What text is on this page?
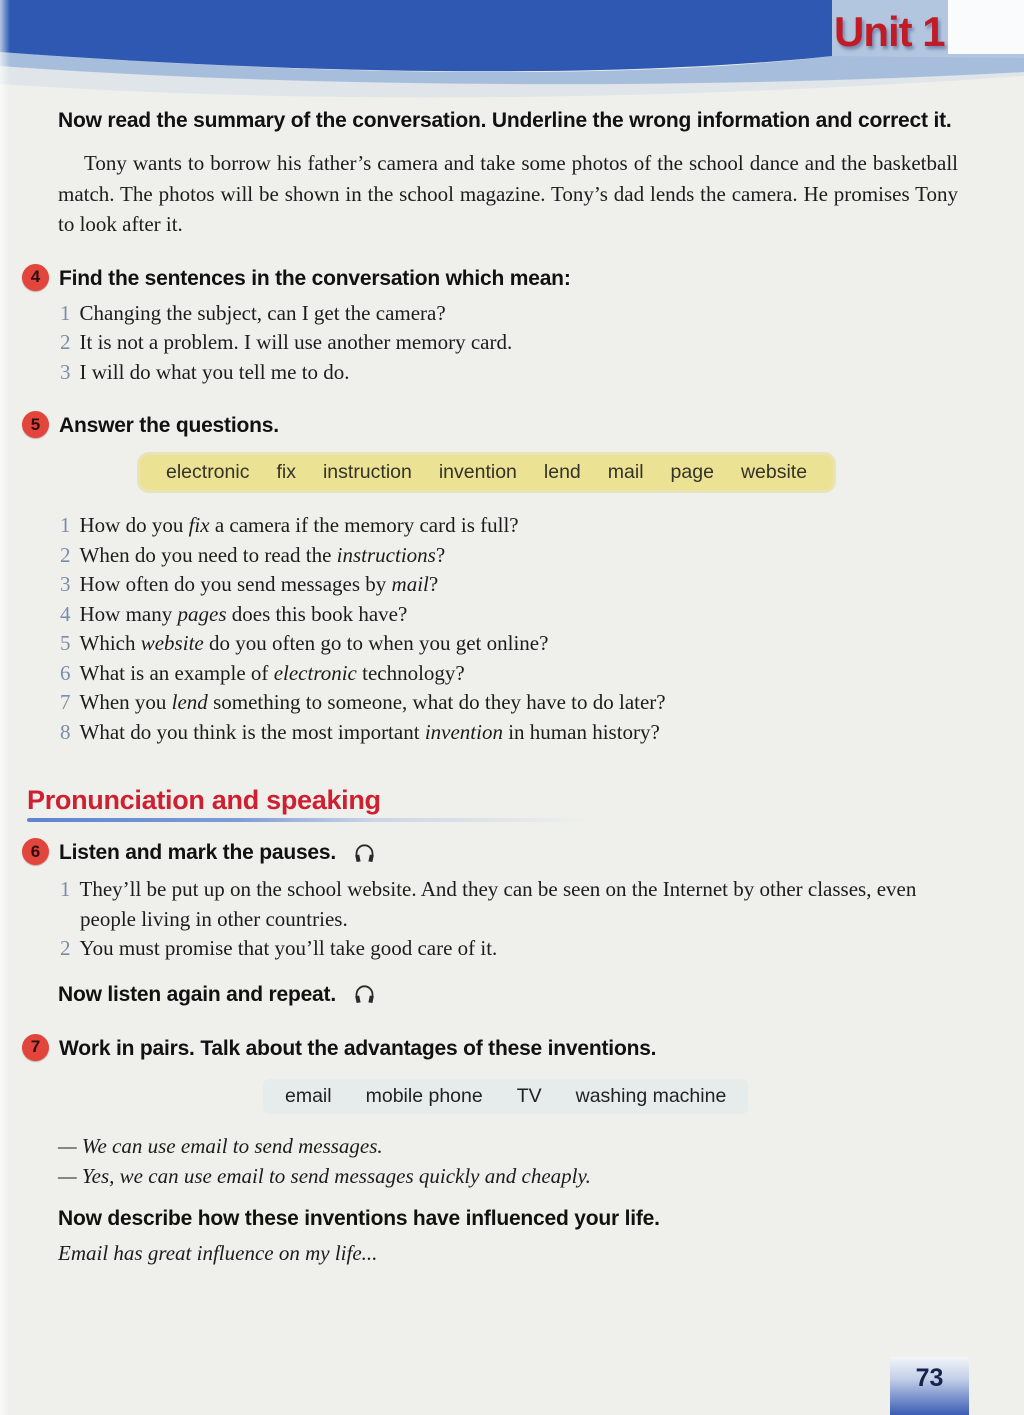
Unit 1
Now read the summary of the conversation. Underline the wrong information and correct it.
Tony wants to borrow his father’s camera and take some photos of the school dance and the basketball match. The photos will be shown in the school magazine. Tony’s dad lends the camera. He promises Tony to look after it.
4 Find the sentences in the conversation which mean:
1 Changing the subject, can I get the camera?
2 It is not a problem. I will use another memory card.
3 I will do what you tell me to do.
5 Answer the questions.
electronic fix instruction invention lend mail page website
1 How do you fix a camera if the memory card is full?
2 When do you need to read the instructions?
3 How often do you send messages by mail?
4 How many pages does this book have?
5 Which website do you often go to when you get online?
6 What is an example of electronic technology?
7 When you lend something to someone, what do they have to do later?
8 What do you think is the most important invention in human history?
Pronunciation and speaking
6 Listen and mark the pauses.
1 They’ll be put up on the school website. And they can be seen on the Internet by other classes, even people living in other countries.
2 You must promise that you’ll take good care of it.
Now listen again and repeat.
7 Work in pairs. Talk about the advantages of these inventions.
email mobile phone TV washing machine
— We can use email to send messages.
— Yes, we can use email to send messages quickly and cheaply.
Now describe how these inventions have influenced your life.
Email has great influence on my life...
73
